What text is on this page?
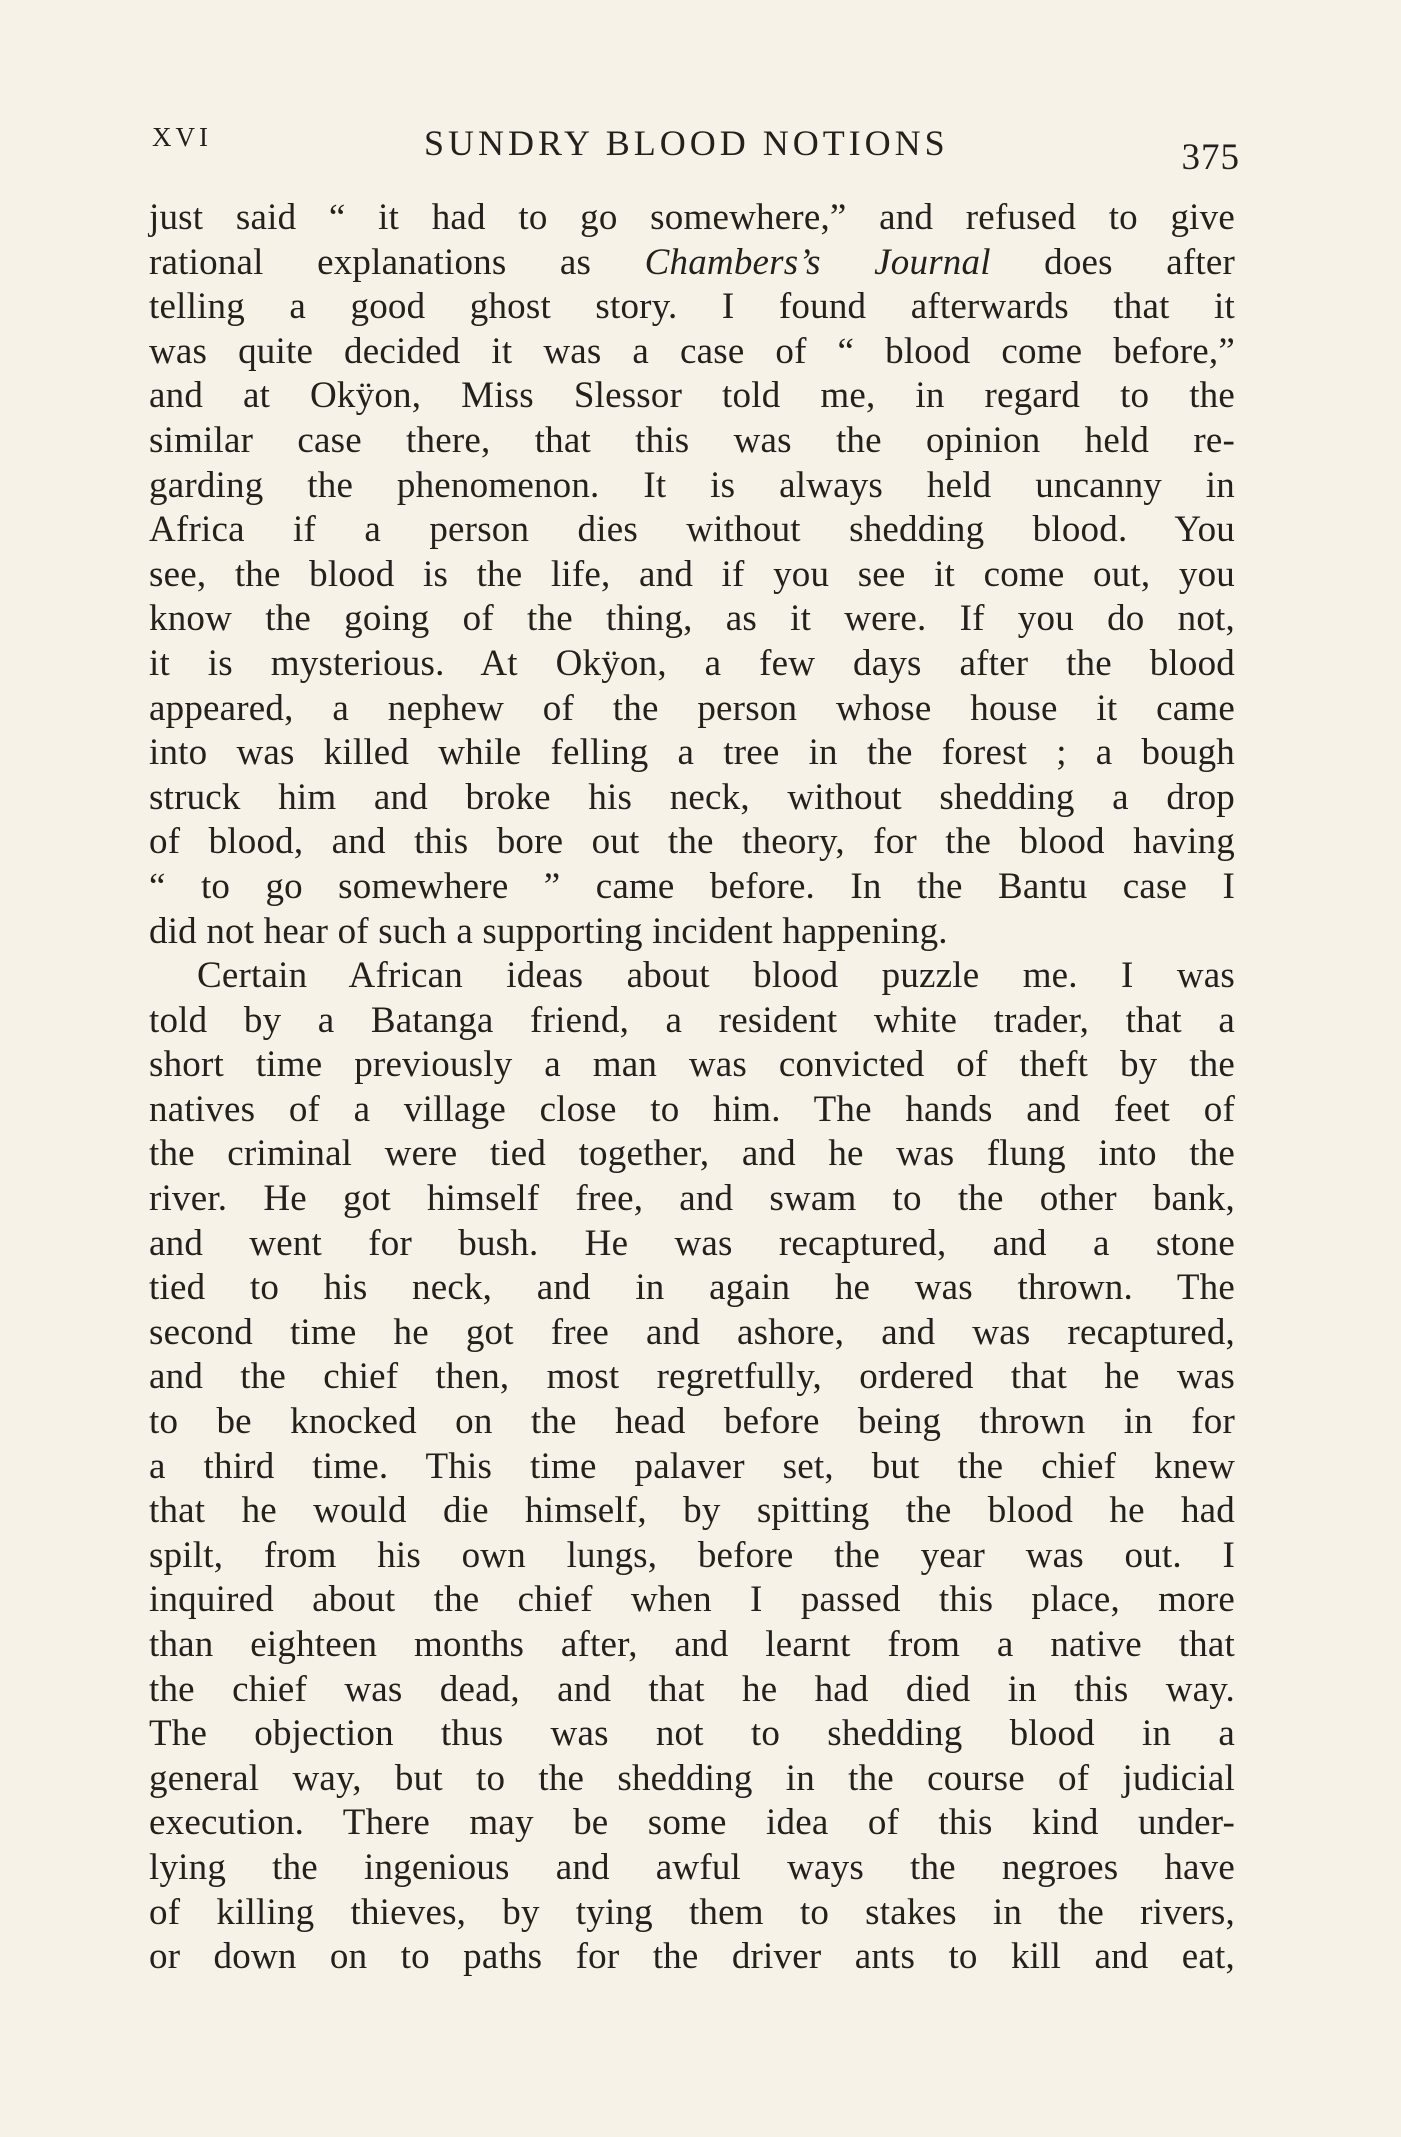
XVI	SUNDRY BLOOD NOTIONS	375
just said “ it had to go somewhere,” and refused to give
rational explanations as Chambers’s Journal does after
telling a good ghost story. I found afterwards that it
was quite decided it was a case of “ blood come before,”
and at Okÿon, Miss Slessor told me, in regard to the
similar case there, that this was the opinion held re-
garding the phenomenon. It is always held uncanny in
Africa if a person dies without shedding blood. You
see, the blood is the life, and if you see it come out, you
know the going of the thing, as it were. If you do not,
it is mysterious. At Okÿon, a few days after the blood
appeared, a nephew of the person whose house it came
into was killed while felling a tree in the forest ; a bough
struck him and broke his neck, without shedding a drop
of blood, and this bore out the theory, for the blood having
“ to go somewhere ” came before. In the Bantu case I
did not hear of such a supporting incident happening.
Certain African ideas about blood puzzle me. I was
told by a Batanga friend, a resident white trader, that a
short time previously a man was convicted of theft by the
natives of a village close to him. The hands and feet of
the criminal were tied together, and he was flung into the
river. He got himself free, and swam to the other bank,
and went for bush. He was recaptured, and a stone
tied to his neck, and in again he was thrown. The
second time he got free and ashore, and was recaptured,
and the chief then, most regretfully, ordered that he was
to be knocked on the head before being thrown in for
a third time. This time palaver set, but the chief knew
that he would die himself, by spitting the blood he had
spilt, from his own lungs, before the year was out. I
inquired about the chief when I passed this place, more
than eighteen months after, and learnt from a native that
the chief was dead, and that he had died in this way.
The objection thus was not to shedding blood in a
general way, but to the shedding in the course of judicial
execution. There may be some idea of this kind under-
lying the ingenious and awful ways the negroes have
of killing thieves, by tying them to stakes in the rivers,
or down on to paths for the driver ants to kill and eat,
